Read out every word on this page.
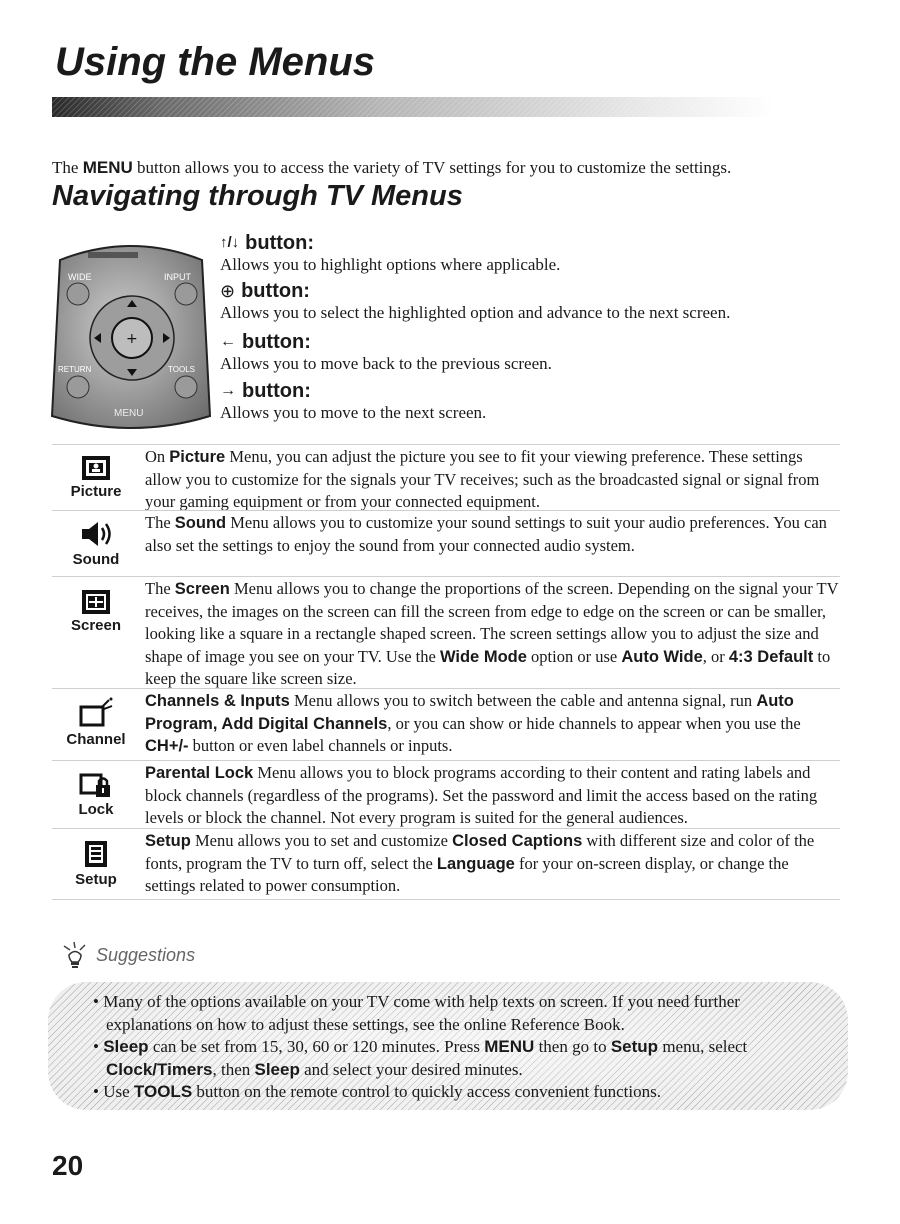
Using the Menus
The MENU button allows you to access the variety of TV settings for you to customize the settings.
Navigating through TV Menus
WIDE	INPUT
RETURN	TOOLS
MENU
+
↑/↓ button:
Allows you to highlight options where applicable.
⊕ button:
Allows you to select the highlighted option and advance to the next screen.
← button:
Allows you to move back to the previous screen.
→ button:
Allows you to move to the next screen.
Picture
On Picture Menu, you can adjust the picture you see to fit your viewing preference. These settings allow you to customize for the signals your TV receives; such as the broadcasted signal or signal from your gaming equipment or from your connected equipment.
Sound
The Sound Menu allows you to customize your sound settings to suit your audio preferences. You can also set the settings to enjoy the sound from your connected audio system.
Screen
The Screen Menu allows you to change the proportions of the screen. Depending on the signal your TV receives, the images on the screen can fill the screen from edge to edge on the screen or can be smaller, looking like a square in a rectangle shaped screen. The screen settings allow you to adjust the size and shape of image you see on your TV. Use the Wide Mode option or use Auto Wide, or 4:3 Default to keep the square like screen size.
Channel
Channels & Inputs Menu allows you to switch between the cable and antenna signal, run Auto Program, Add Digital Channels, or you can show or hide channels to appear when you use the CH+/- button or even label channels or inputs.
Lock
Parental Lock Menu allows you to block programs according to their content and rating labels and block channels (regardless of the programs). Set the password and limit the access based on the rating levels or block the channel. Not every program is suited for the general audiences.
Setup
Setup Menu allows you to set and customize Closed Captions with different size and color of the fonts, program the TV to turn off, select the Language for your on-screen display, or change the settings related to power consumption.
Suggestions
• Many of the options available on your TV come with help texts on screen. If you need further explanations on how to adjust these settings, see the online Reference Book.
• Sleep can be set from 15, 30, 60 or 120 minutes. Press MENU then go to Setup menu, select Clock/Timers, then Sleep and select your desired minutes.
• Use TOOLS button on the remote control to quickly access convenient functions.
20
